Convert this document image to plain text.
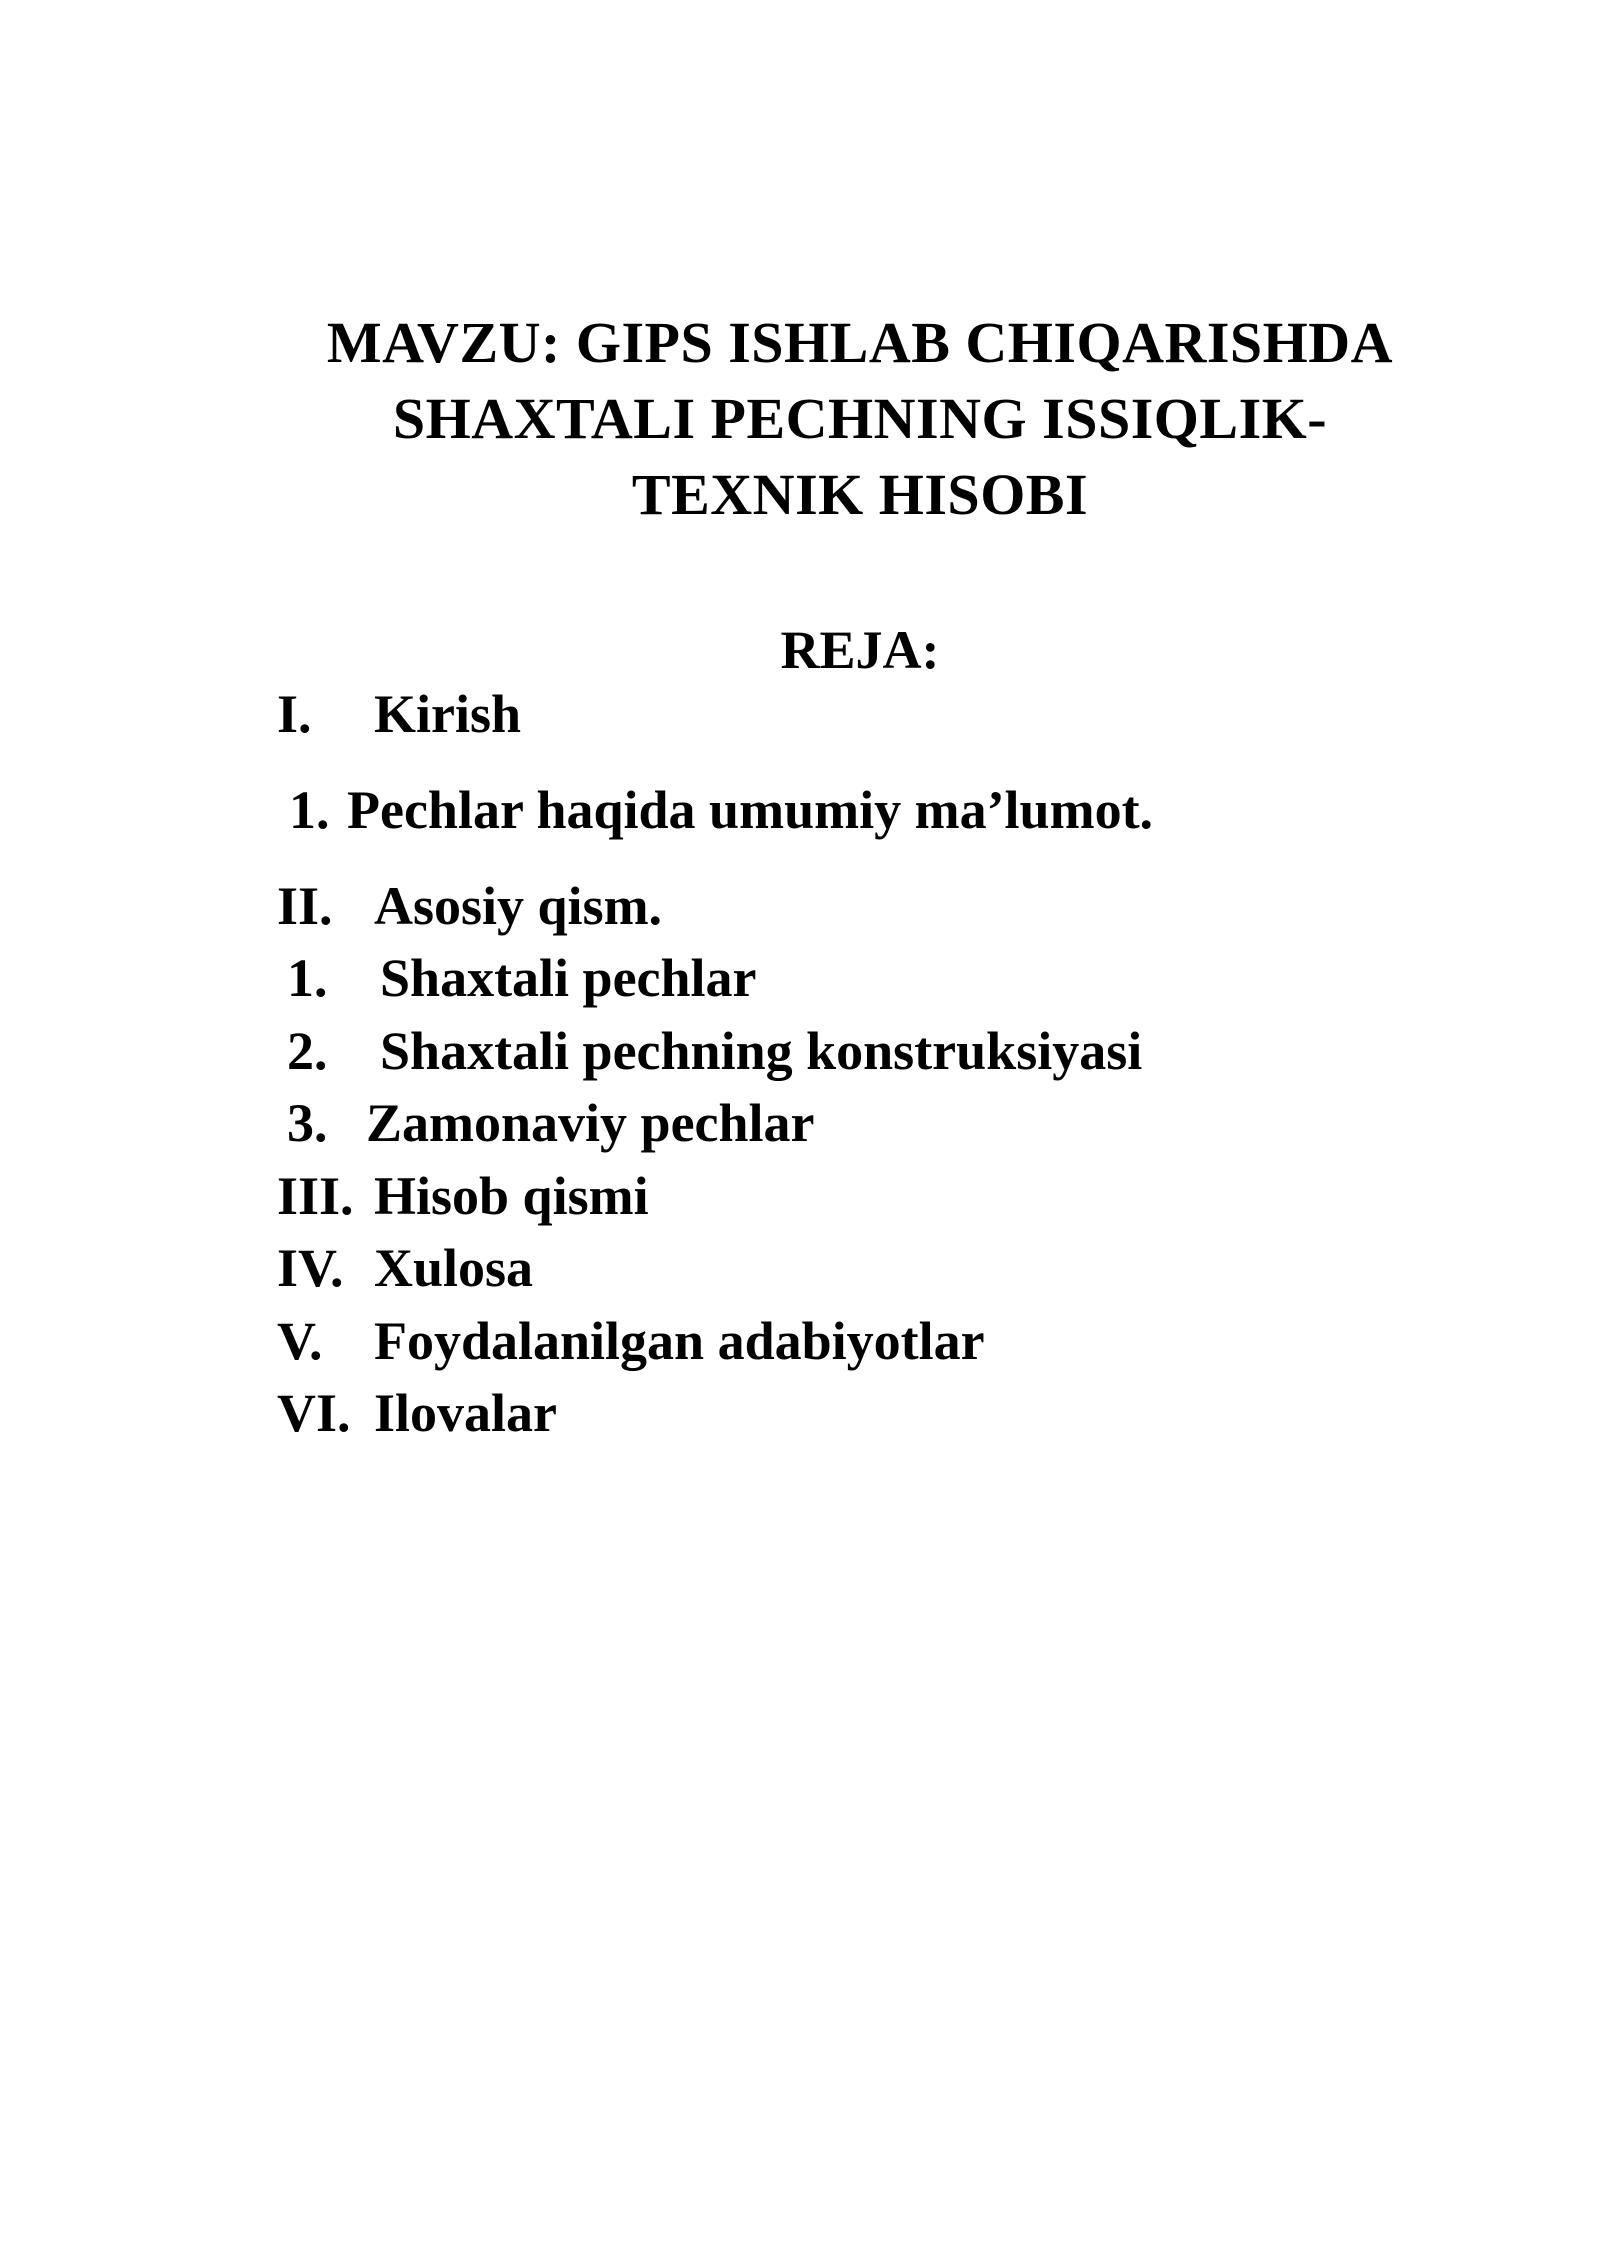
MAVZU: GIPS ISHLAB CHIQARISHDA
SHAXTALI PECHNING ISSIQLIK-
TEXNIK HISOBI
REJA:
I. Kirish
1. Pechlar haqida umumiy ma’lumot.
II. Asosiy qism.
1. Shaxtali pechlar
2. Shaxtali pechning konstruksiyasi
3. Zamonaviy pechlar
III. Hisob qismi
IV. Xulosa
V. Foydalanilgan adabiyotlar
VI. Ilovalar
